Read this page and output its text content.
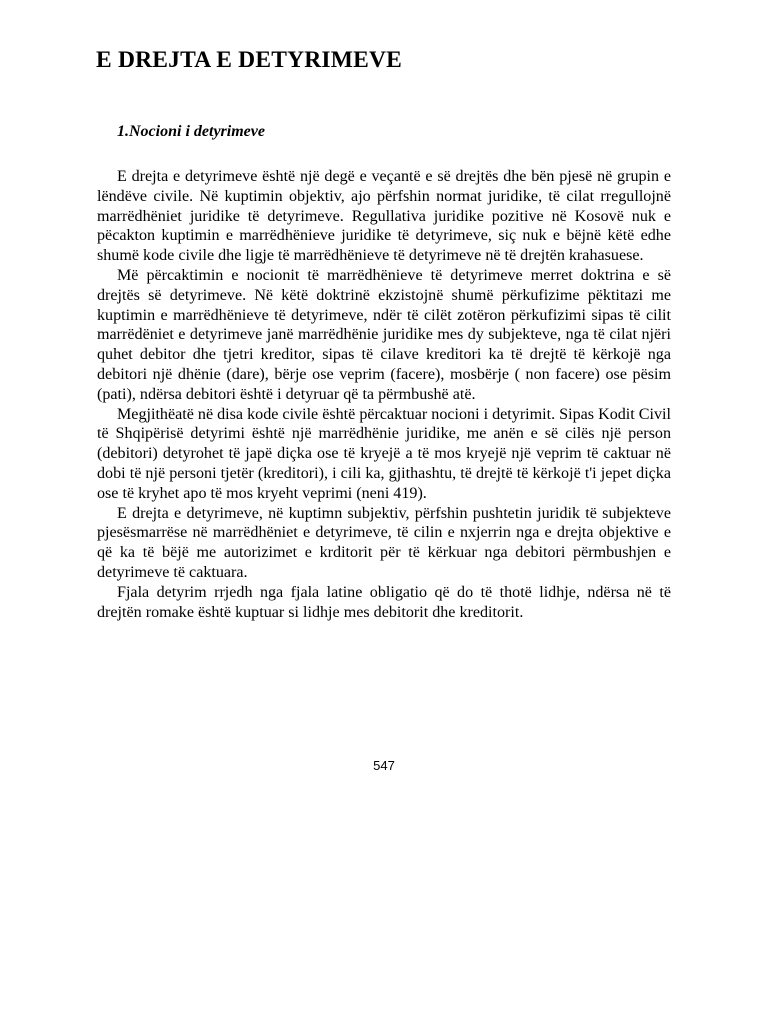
E DREJTA E DETYRIMEVE
1.Nocioni i detyrimeve

E drejta e detyrimeve është një degë e veçantë e së drejtës dhe bën pjesë në grupin e lëndëve civile. Në kuptimin objektiv, ajo përfshin normat juridike, të cilat rregullojnë marrëdhëniet juridike të detyrimeve. Regullativa juridike pozitive në Kosovë nuk e pëcakton kuptimin e marrëdhënieve juridike të detyrimeve, siç nuk e bëjnë këtë edhe shumë kode civile dhe ligje të marrëdhënieve të detyrimeve në të drejtën krahasuese.

Më përcaktimin e nocionit të marrëdhënieve të detyrimeve merret doktrina e së drejtës së detyrimeve. Në këtë doktrinë ekzistojnë shumë përkufizime pëktitazi me kuptimin e marrëdhënieve të detyrimeve, ndër të cilët zotëron përkufizimi sipas të cilit marrëdëniet e detyrimeve janë marrëdhënie juridike mes dy subjekteve, nga të cilat njëri quhet debitor dhe tjetri kreditor, sipas të cilave kreditori ka të drejtë të kërkojë nga debitori një dhënie (dare), bërje ose veprim (facere), mosbërje ( non facere) ose pësim (pati), ndërsa debitori është i detyruar që ta përmbushë atë.

Megjithëatë në disa kode civile është përcaktuar nocioni i detyrimit. Sipas Kodit Civil të Shqipërisë detyrimi është një marrëdhënie juridike, me anën e së cilës një person (debitori) detyrohet të japë diçka ose të kryejë a të mos kryejë një veprim të caktuar në dobi të një personi tjetër (kreditori), i cili ka, gjithashtu, të drejtë të kërkojë t'i jepet diçka ose të kryhet apo të mos kryeht veprimi (neni 419).

E drejta e detyrimeve, në kuptimn subjektiv, përfshin pushtetin juridik të subjekteve pjesësmarrëse në marrëdhëniet e detyrimeve, të cilin e nxjerrin nga e drejta objektive e që ka të bëjë me autorizimet e krditorit për të kërkuar nga debitori përmbushjen e detyrimeve të caktuara.

Fjala detyrim rrjedh nga fjala latine obligatio që do të thotë lidhje, ndërsa në të drejtën romake është kuptuar si lidhje mes debitorit dhe kreditorit.

547
